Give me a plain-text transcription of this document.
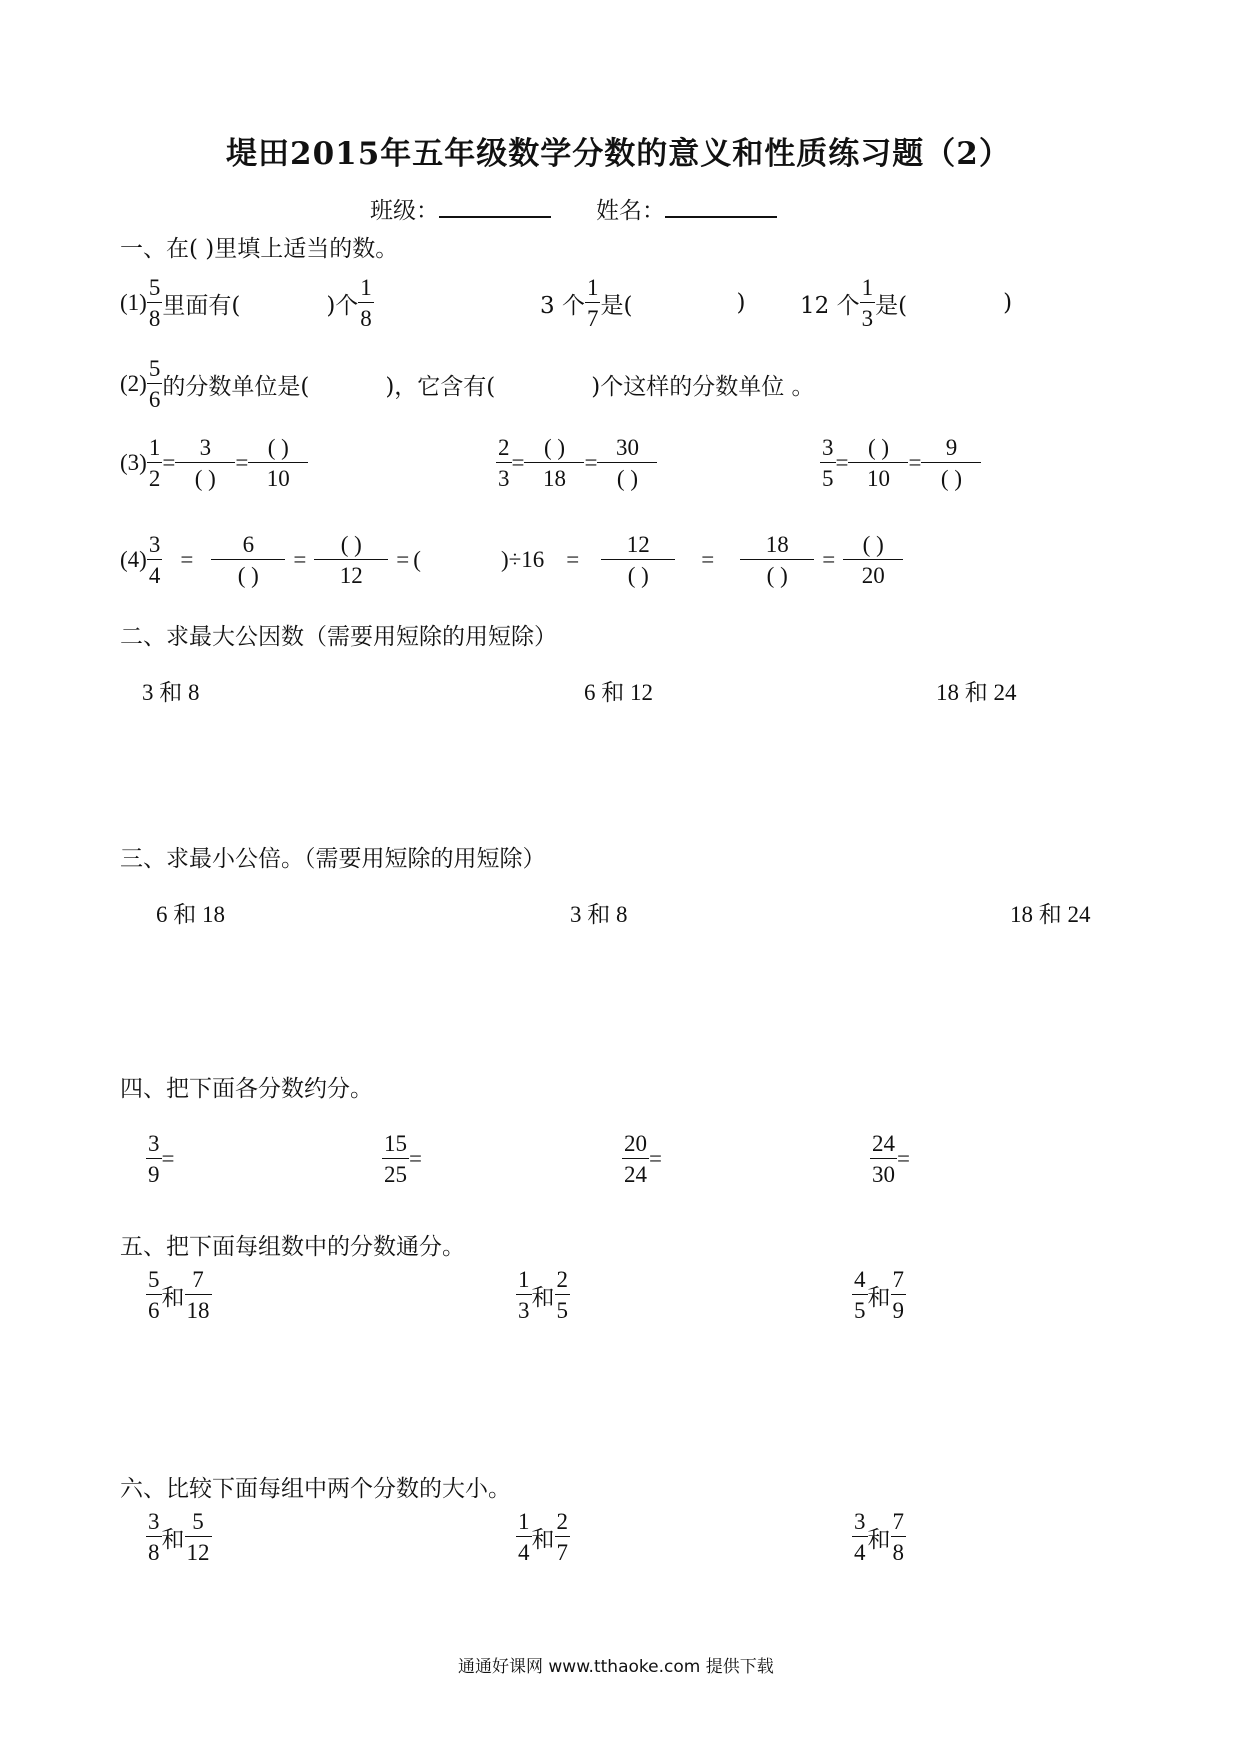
堤田2015年五年级数学分数的意义和性质练习题（2）
班级：	姓名：
一、在( )里填上适当的数。
$(1) \frac{5}{8}$ 里面有(	)个 $\frac{1}{8}$	3 个 $\frac{1}{7}$ 是(	) 12 个 $\frac{1}{3}$ 是(	)
$(2) \frac{5}{6}$ 的分数单位是(	)，它含有(	)个这样的分数单位 。
$(3) \frac{1}{2} = \frac{3}{( )} = \frac{( )}{10}$	$\frac{2}{3} = \frac{( )}{18} = \frac{30}{( )}$	$\frac{3}{5} = \frac{( )}{10} = \frac{9}{( )}$
$(4) \frac{3}{4} = \frac{6}{( )} = \frac{( )}{12}$ = (	)$\div 16 = \frac{12}{( )} = \frac{18}{( )} = \frac{( )}{20}$
二、求最大公因数（需要用短除的用短除）
3 和 8	6 和 12	18 和 24
三、求最小公倍。（需要用短除的用短除）
6 和 18	3 和 8	18 和 24
四、把下面各分数约分。
$\frac{3}{9}$ =	$\frac{15}{25}$ =	$\frac{20}{24}$ =	$\frac{24}{30}$ =
五、把下面每组数中的分数通分。
$\frac{5}{6}$ 和 $\frac{7}{18}$	$\frac{1}{3}$ 和 $\frac{2}{5}$	$\frac{4}{5}$ 和 $\frac{7}{9}$
六、比较下面每组中两个分数的大小。
$\frac{3}{8}$ 和 $\frac{5}{12}$	$\frac{1}{4}$ 和 $\frac{2}{7}$	$\frac{3}{4}$ 和 $\frac{7}{8}$
通通好课网 www.tthaoke.com 提供下载
